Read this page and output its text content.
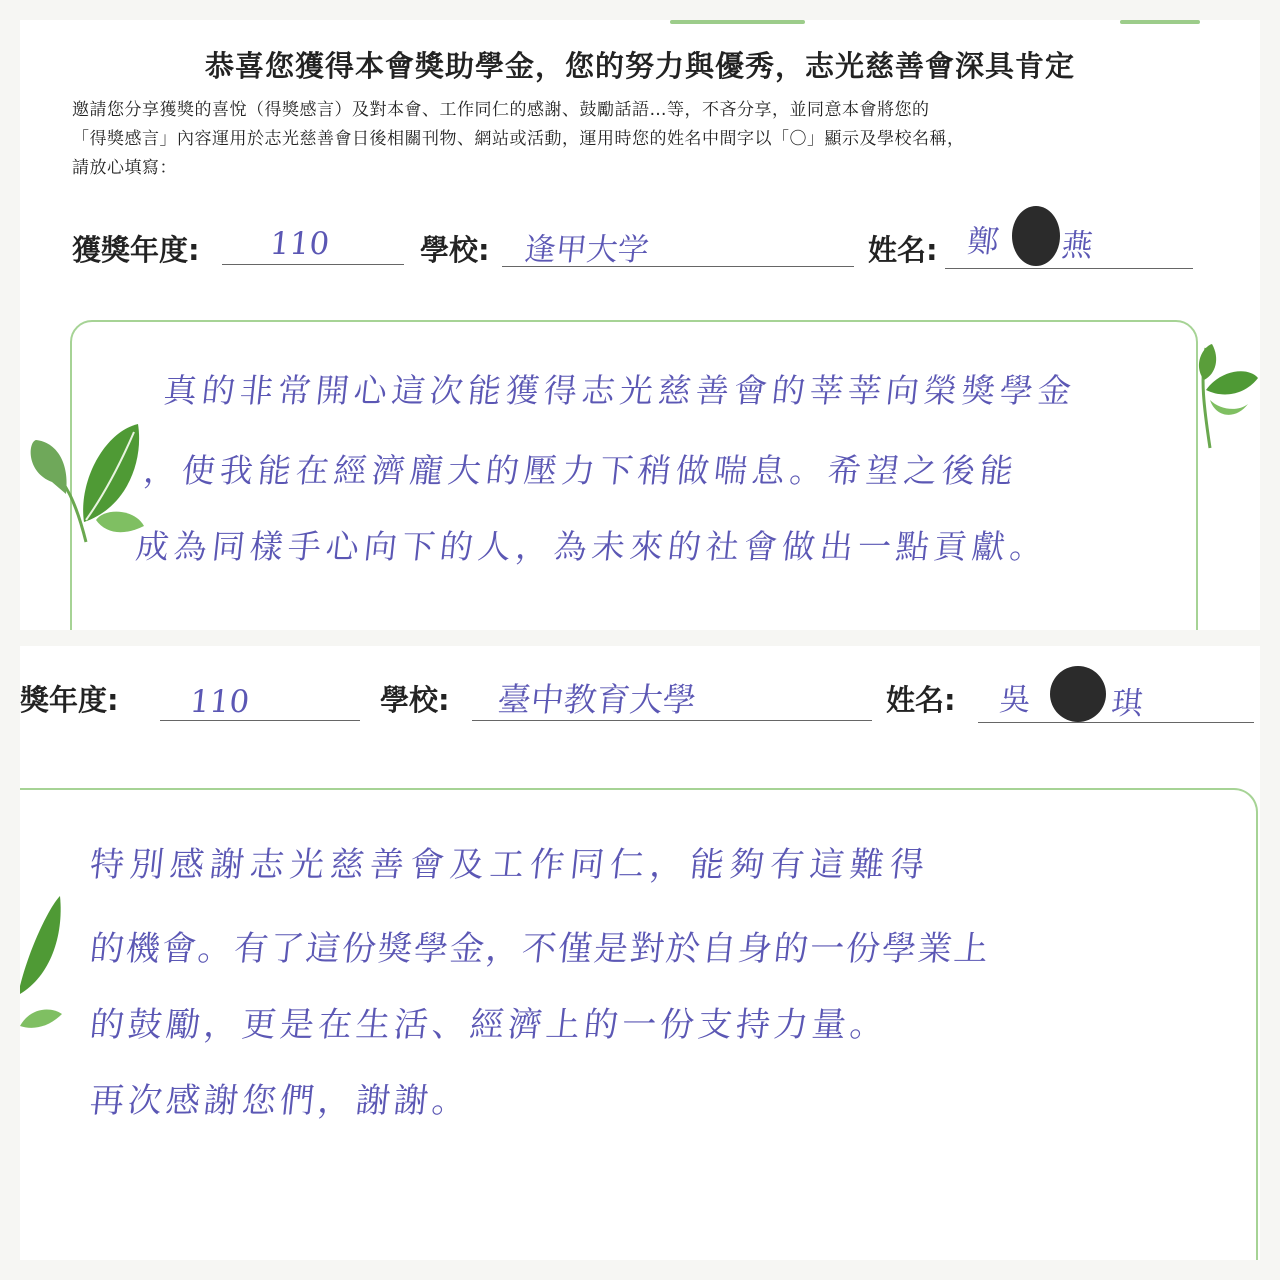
恭喜您獲得本會獎助學金，您的努力與優秀，志光慈善會深具肯定
邀請您分享獲獎的喜悅（得獎感言）及對本會、工作同仁的感謝、鼓勵話語…等，不吝分享，並同意本會將您的
「得獎感言」內容運用於志光慈善會日後相關刊物、網站或活動，運用時您的姓名中間字以「〇」顯示及學校名稱，
請放心填寫：
獲獎年度: 110	學校: 逢甲大学	姓名: 鄭 燕
真的非常開心這次能獲得志光慈善會的莘莘向榮獎學金
，使我能在經濟龐大的壓力下稍做喘息。希望之後能
成為同樣手心向下的人，為未來的社會做出一點貢獻。
獎年度: 110	學校: 臺中教育大學	姓名: 吳 琪
特別感謝志光慈善會及工作同仁，能夠有這難得
的機會。有了這份獎學金，不僅是對於自身的一份學業上
的鼓勵，更是在生活、經濟上的一份支持力量。
再次感謝您們，謝謝。
